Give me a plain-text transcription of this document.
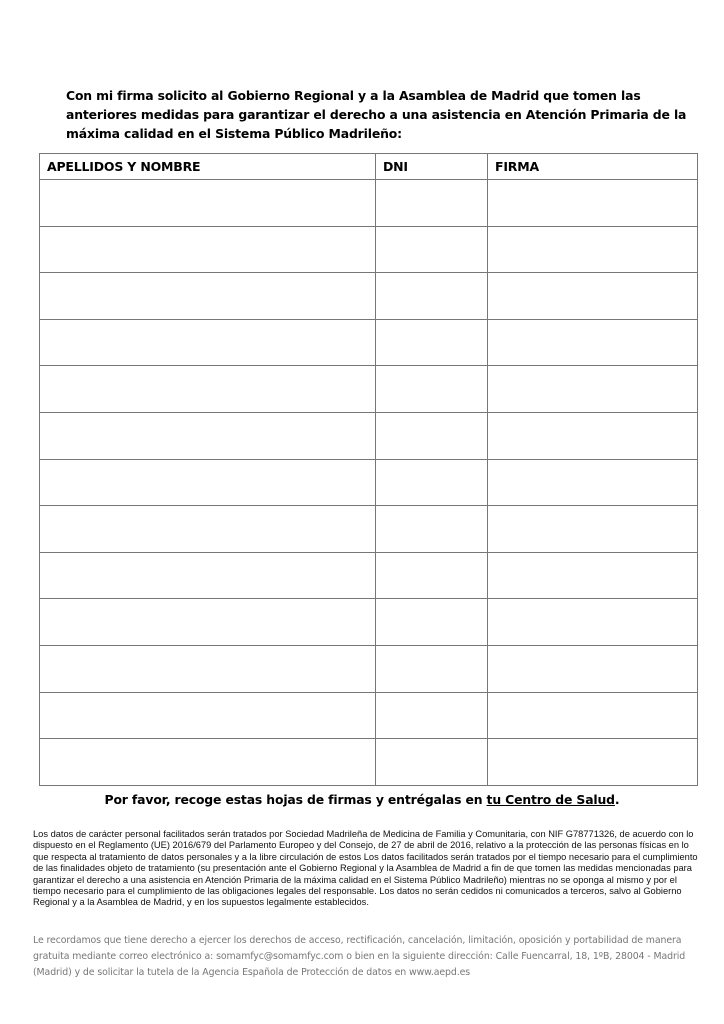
Con mi firma solicito al Gobierno Regional y a la Asamblea de Madrid que tomen las anteriores medidas para garantizar el derecho a una asistencia en Atención Primaria de la máxima calidad en el Sistema Público Madrileño:

APELLIDOS Y NOMBRE	DNI	FIRMA

Por favor, recoge estas hojas de firmas y entrégalas en tu Centro de Salud.

Los datos de carácter personal facilitados serán tratados por Sociedad Madrileña de Medicina de Familia y Comunitaria, con NIF G78771326, de acuerdo con lo dispuesto en el Reglamento (UE) 2016/679 del Parlamento Europeo y del Consejo, de 27 de abril de 2016, relativo a la protección de las personas físicas en lo que respecta al tratamiento de datos personales y a la libre circulación de estos Los datos facilitados serán tratados por el tiempo necesario para el cumplimiento de las finalidades objeto de tratamiento (su presentación ante el Gobierno Regional y la Asamblea de Madrid a fin de que tomen las medidas mencionadas para garantizar el derecho a una asistencia en Atención Primaria de la máxima calidad en el Sistema Público Madrileño) mientras no se oponga al mismo y por el tiempo necesario para el cumplimiento de las obligaciones legales del responsable. Los datos no serán cedidos ni comunicados a terceros, salvo al Gobierno Regional y a la Asamblea de Madrid, y en los supuestos legalmente establecidos.

Le recordamos que tiene derecho a ejercer los derechos de acceso, rectificación, cancelación, limitación, oposición y portabilidad de manera gratuita mediante correo electrónico a: somamfyc@somamfyc.com o bien en la siguiente dirección: Calle Fuencarral, 18, 1ºB, 28004 - Madrid (Madrid) y de solicitar la tutela de la Agencia Española de Protección de datos en www.aepd.es
